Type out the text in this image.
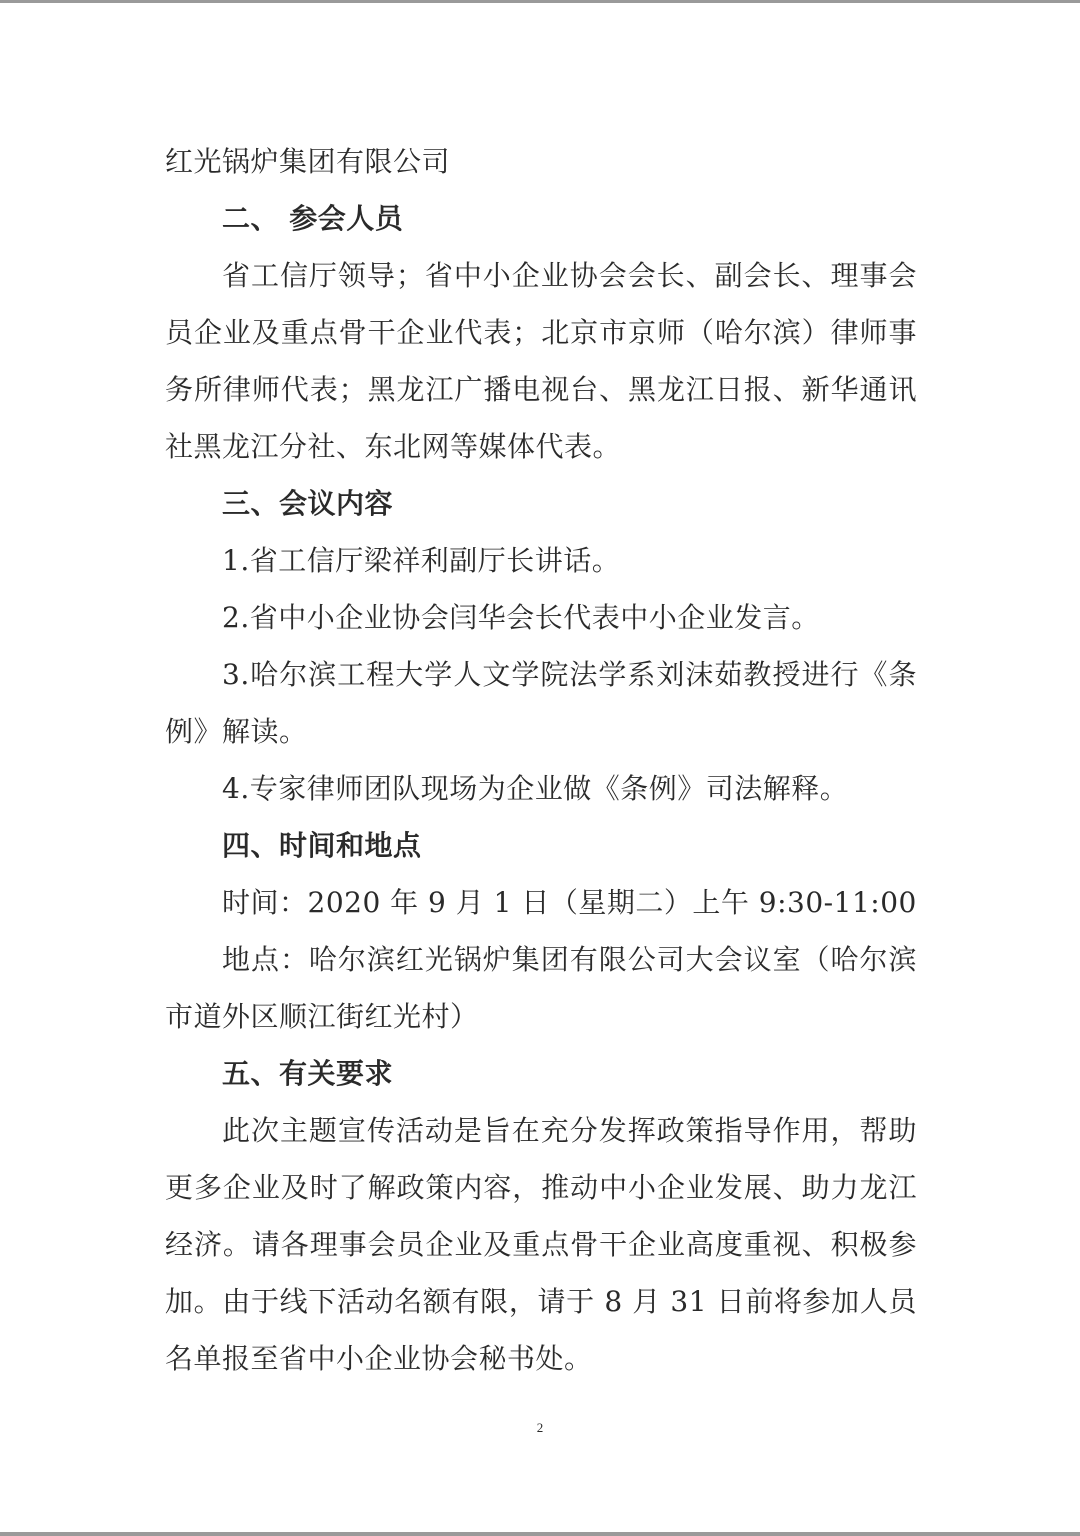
红光锅炉集团有限公司
二、 参会人员
省工信厅领导；省中小企业协会会长、副会长、理事会
员企业及重点骨干企业代表；北京市京师（哈尔滨）律师事
务所律师代表；黑龙江广播电视台、黑龙江日报、新华通讯
社黑龙江分社、东北网等媒体代表。
三、会议内容
1.省工信厅梁祥利副厅长讲话。
2.省中小企业协会闫华会长代表中小企业发言。
3.哈尔滨工程大学人文学院法学系刘沫茹教授进行《条
例》解读。
4.专家律师团队现场为企业做《条例》司法解释。
四、时间和地点
时间：2020 年 9 月 1 日（星期二）上午 9:30-11:00
地点：哈尔滨红光锅炉集团有限公司大会议室（哈尔滨
市道外区顺江街红光村）
五、有关要求
此次主题宣传活动是旨在充分发挥政策指导作用，帮助
更多企业及时了解政策内容，推动中小企业发展、助力龙江
经济。请各理事会员企业及重点骨干企业高度重视、积极参
加。由于线下活动名额有限，请于 8 月 31 日前将参加人员
名单报至省中小企业协会秘书处。
2
